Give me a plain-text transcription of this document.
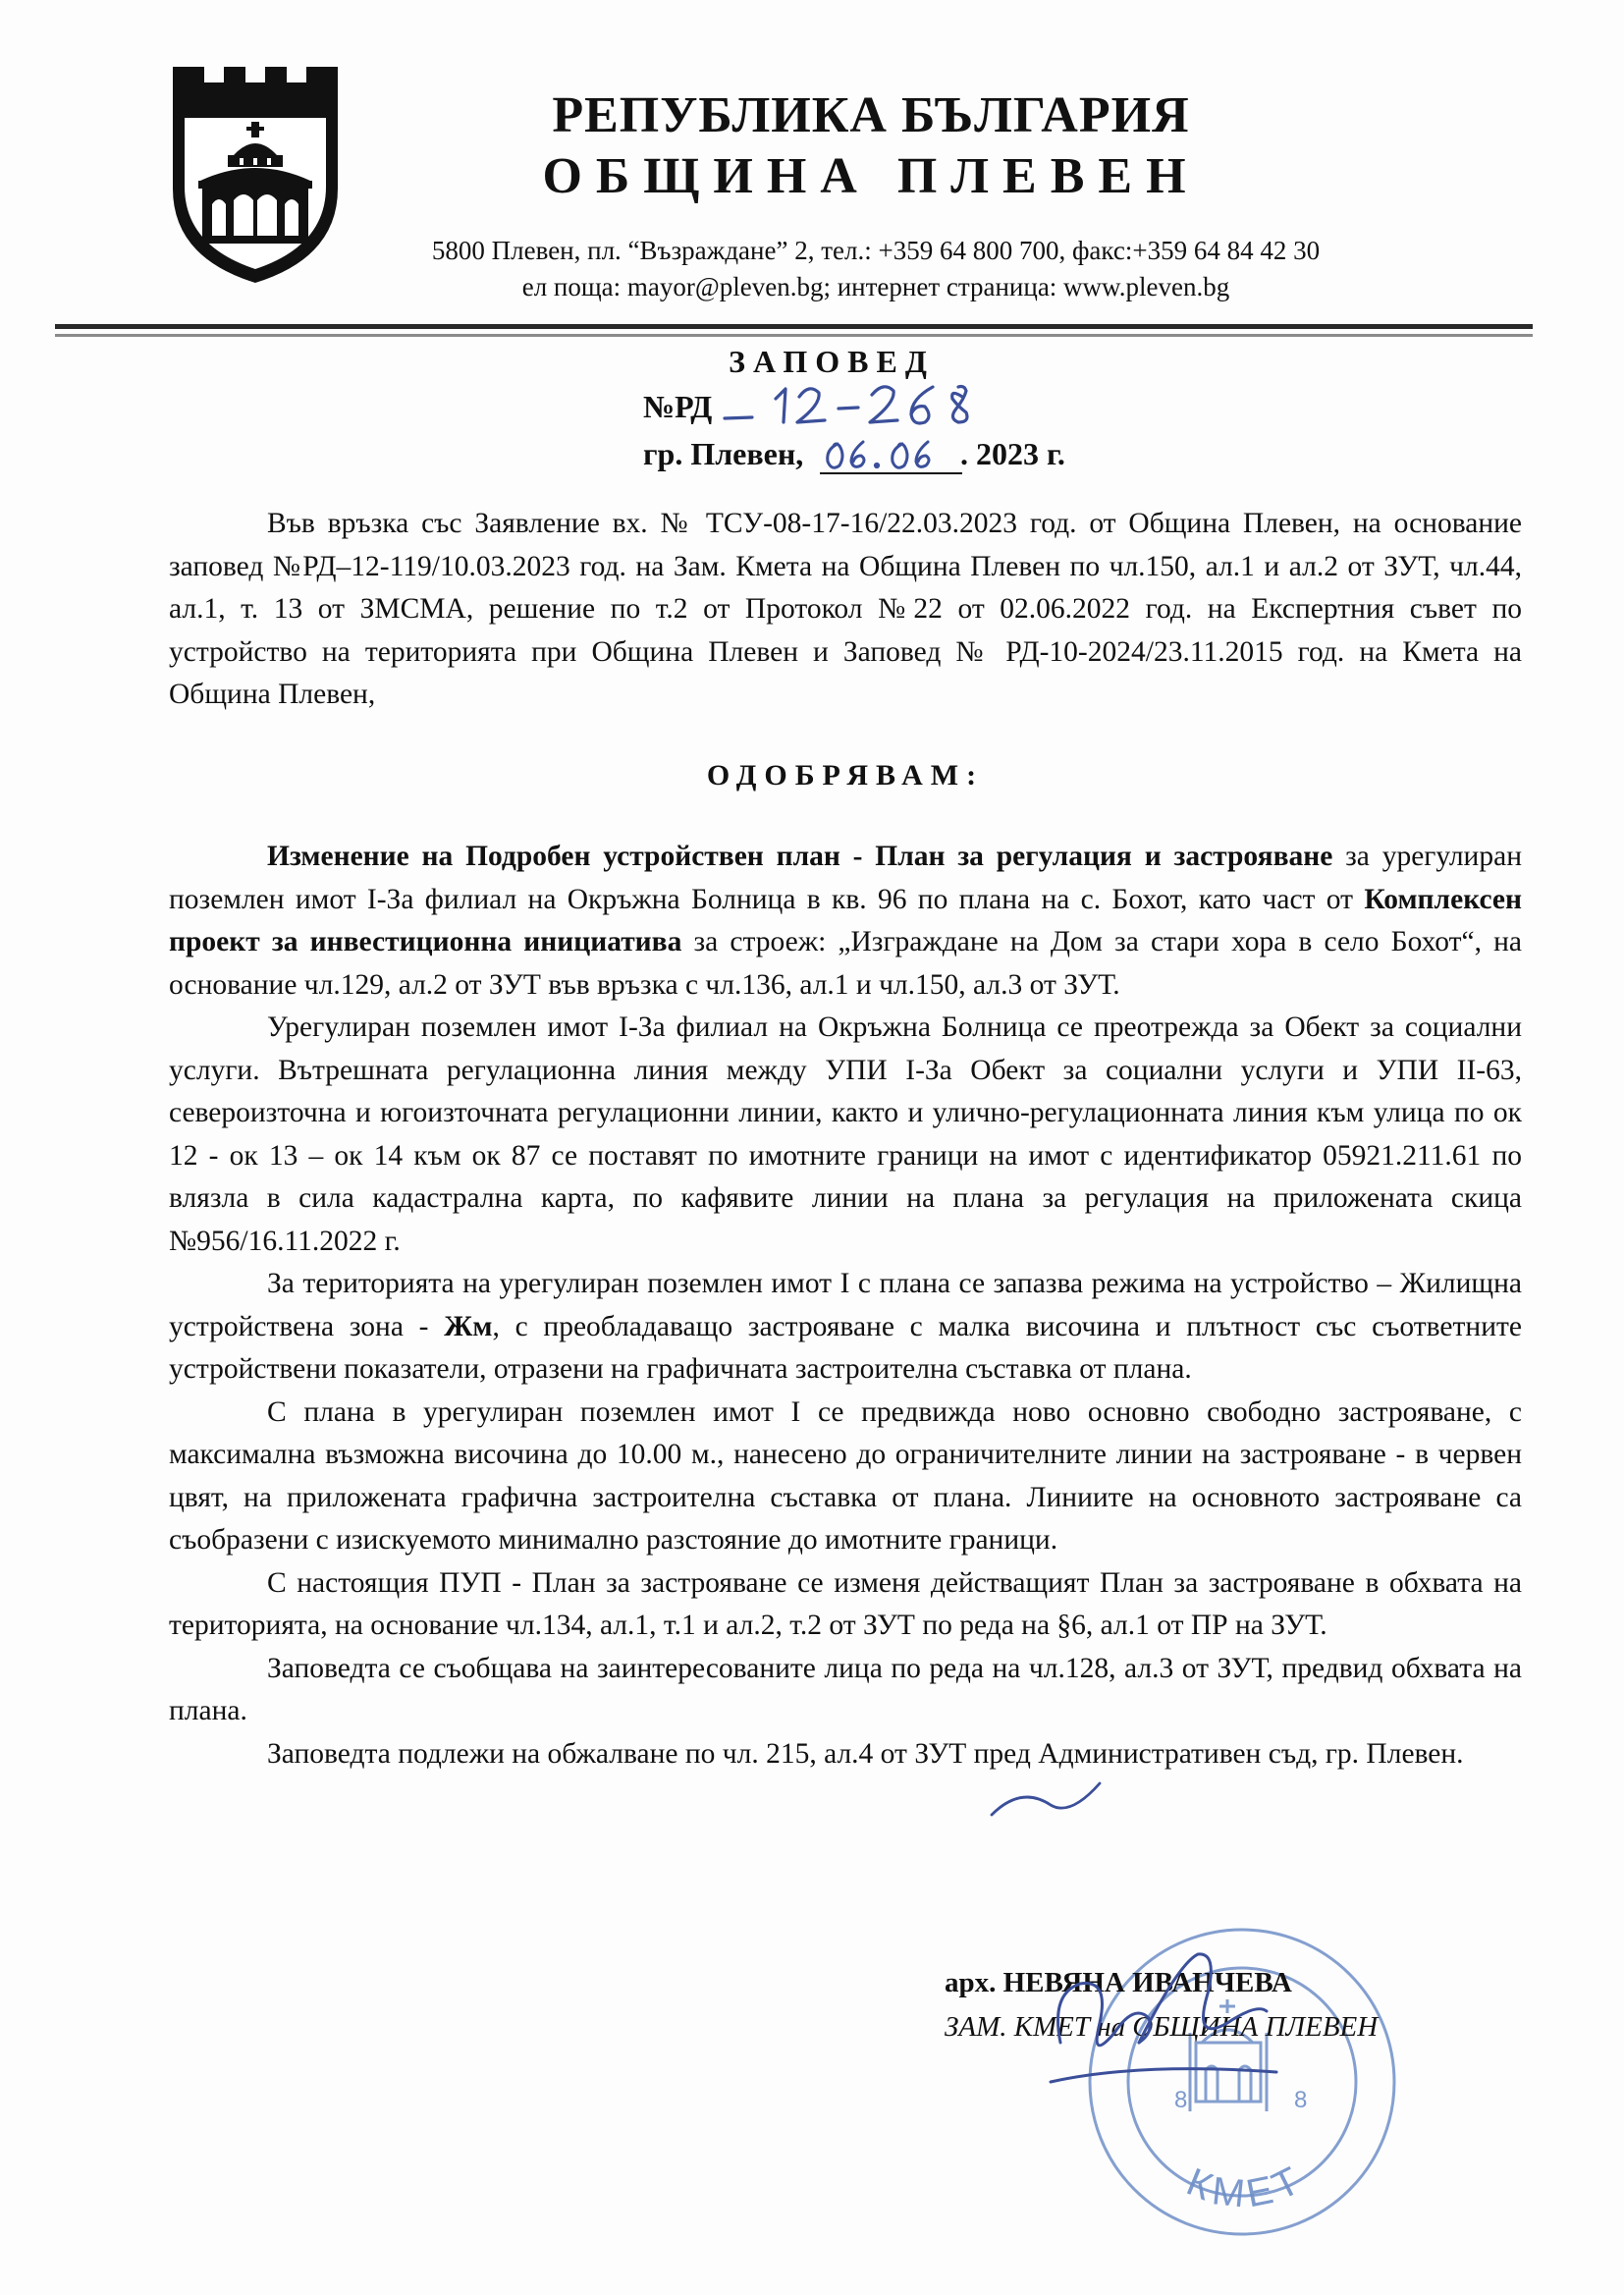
РЕПУБЛИКА БЪЛГАРИЯ
ОБЩИНА ПЛЕВЕН
5800 Плевен, пл. “Възраждане” 2, тел.: +359 64 800 700, факс:+359 64 84 42 30
ел поща: mayor@pleven.bg; интернет страница: www.pleven.bg
ЗАПОВЕД
№РД
гр. Плевен,	. 2023 г.

Във връзка със Заявление вх. № ТСУ-08-17-16/22.03.2023 год. от Община Плевен, на основание заповед №РД–12-119/10.03.2023 год. на Зам. Кмета на Община Плевен по чл.150, ал.1 и ал.2 от ЗУТ, чл.44, ал.1, т. 13 от ЗМСМА, решение по т.2 от Протокол №22 от 02.06.2022 год. на Експертния съвет по устройство на територията при Община Плевен и Заповед № РД-10-2024/23.11.2015 год. на Кмета на Община Плевен,

ОДОБРЯВАМ:

Изменение на Подробен устройствен план - План за регулация и застрояване за урегулиран поземлен имот I-За филиал на Окръжна Болница в кв. 96 по плана на с. Бохот, като част от Комплексен проект за инвестиционна инициатива за строеж: „Изграждане на Дом за стари хора в село Бохот“, на основание чл.129, ал.2 от ЗУТ във връзка с чл.136, ал.1 и чл.150, ал.3 от ЗУТ.

Урегулиран поземлен имот I-За филиал на Окръжна Болница се преотрежда за Обект за социални услуги. Вътрешната регулационна линия между УПИ I-За Обект за социални услуги и УПИ II-63, североизточна и югоизточната регулационни линии, както и улично-регулационната линия към улица по ок 12 - ок 13 – ок 14 към ок 87 се поставят по имотните граници на имот с идентификатор 05921.211.61 по влязла в сила кадастрална карта, по кафявите линии на плана за регулация на приложената скица №956/16.11.2022 г.

За територията на урегулиран поземлен имот I с плана се запазва режима на устройство – Жилищна устройствена зона - Жм, с преобладаващо застрояване с малка височина и плътност със съответните устройствени показатели, отразени на графичната застроителна съставка от плана.

С плана в урегулиран поземлен имот I се предвижда ново основно свободно застрояване, с максимална възможна височина до 10.00 м., нанесено до ограничителните линии на застрояване - в червен цвят, на приложената графична застроителна съставка от плана. Линиите на основното застрояване са съобразени с изискуемото минимално разстояние до имотните граници.

С настоящия ПУП - План за застрояване се изменя действащият План за застрояване в обхвата на територията, на основание чл.134, ал.1, т.1 и ал.2, т.2 от ЗУТ по реда на §6, ал.1 от ПР на ЗУТ.

Заповедта се съобщава на заинтересованите лица по реда на чл.128, ал.3 от ЗУТ, предвид обхвата на плана.

Заповедта подлежи на обжалване по чл. 215, ал.4 от ЗУТ пред Административен съд, гр. Плевен.

8	8
КМЕТ
арх. НЕВЯНА ИВАНЧЕВА
ЗАМ. КМЕТ на ОБЩИНА ПЛЕВЕН
